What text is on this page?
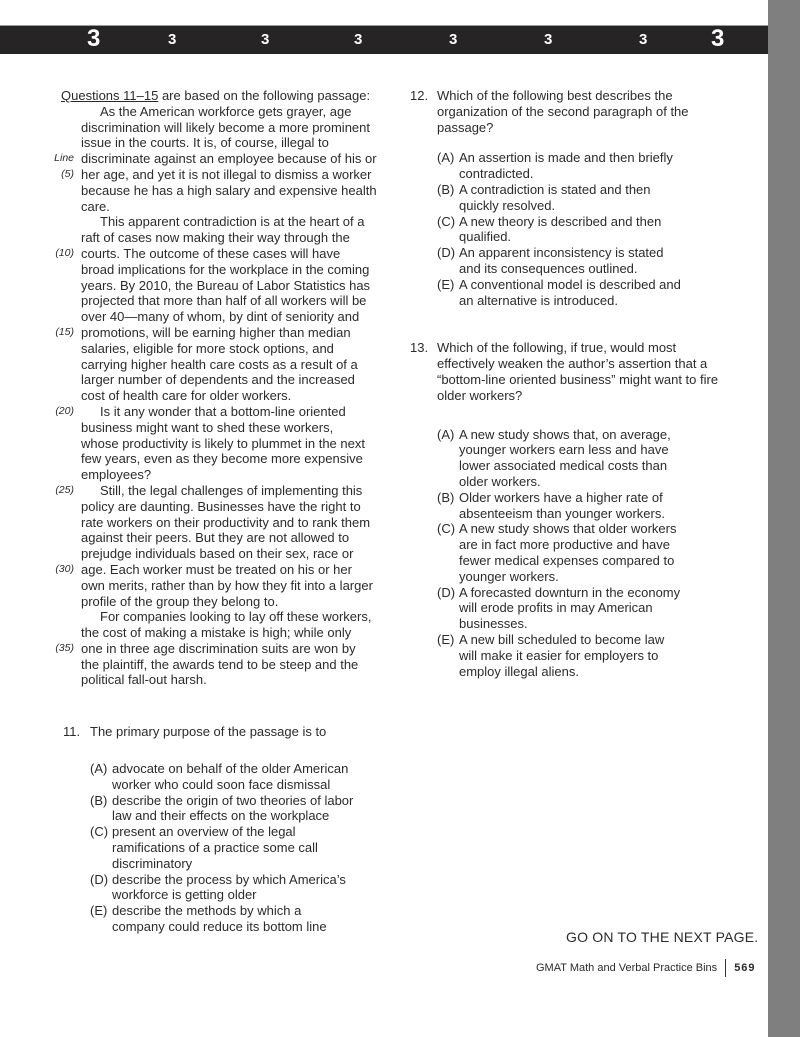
3	3	3	3	3	3	3	3
Questions 11–15 are based on the following passage:
As the American workforce gets grayer, age
discrimination will likely become a more prominent
issue in the courts. It is, of course, illegal to
Line discriminate against an employee because of his or
(5) her age, and yet it is not illegal to dismiss a worker
because he has a high salary and expensive health
care.
This apparent contradiction is at the heart of a
raft of cases now making their way through the
(10) courts. The outcome of these cases will have
broad implications for the workplace in the coming
years. By 2010, the Bureau of Labor Statistics has
projected that more than half of all workers will be
over 40—many of whom, by dint of seniority and
(15) promotions, will be earning higher than median
salaries, eligible for more stock options, and
carrying higher health care costs as a result of a
larger number of dependents and the increased
cost of health care for older workers.
(20) Is it any wonder that a bottom-line oriented
business might want to shed these workers,
whose productivity is likely to plummet in the next
few years, even as they become more expensive
employees?
(25) Still, the legal challenges of implementing this
policy are daunting. Businesses have the right to
rate workers on their productivity and to rank them
against their peers. But they are not allowed to
prejudge individuals based on their sex, race or
(30) age. Each worker must be treated on his or her
own merits, rather than by how they fit into a larger
profile of the group they belong to.
For companies looking to lay off these workers,
the cost of making a mistake is high; while only
(35) one in three age discrimination suits are won by
the plaintiff, the awards tend to be steep and the
political fall-out harsh.
11. The primary purpose of the passage is to
(A) advocate on behalf of the older American
worker who could soon face dismissal
(B) describe the origin of two theories of labor
law and their effects on the workplace
(C) present an overview of the legal
ramifications of a practice some call
discriminatory
(D) describe the process by which America’s
workforce is getting older
(E) describe the methods by which a
company could reduce its bottom line
12. Which of the following best describes the
organization of the second paragraph of the
passage?
(A) An assertion is made and then briefly
contradicted.
(B) A contradiction is stated and then
quickly resolved.
(C) A new theory is described and then
qualified.
(D) An apparent inconsistency is stated
and its consequences outlined.
(E) A conventional model is described and
an alternative is introduced.
13. Which of the following, if true, would most
effectively weaken the author’s assertion that a
“bottom-line oriented business” might want to fire
older workers?
(A) A new study shows that, on average,
younger workers earn less and have
lower associated medical costs than
older workers.
(B) Older workers have a higher rate of
absenteeism than younger workers.
(C) A new study shows that older workers
are in fact more productive and have
fewer medical expenses compared to
younger workers.
(D) A forecasted downturn in the economy
will erode profits in may American
businesses.
(E) A new bill scheduled to become law
will make it easier for employers to
employ illegal aliens.
GO ON TO THE NEXT PAGE.
GMAT Math and Verbal Practice Bins 569
